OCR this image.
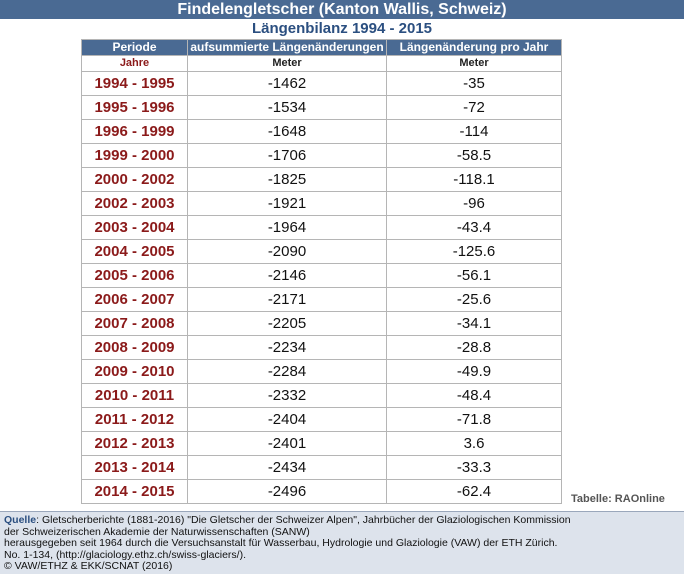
Findelengletscher (Kanton Wallis, Schweiz)
Längenbilanz 1994 - 2015
Periode	aufsummierte Längenänderungen	Längenänderung pro Jahr
Jahre	Meter	Meter
1994 - 1995	-1462	-35
1995 - 1996	-1534	-72
1996 - 1999	-1648	-114
1999 - 2000	-1706	-58.5
2000 - 2002	-1825	-118.1
2002 - 2003	-1921	-96
2003 - 2004	-1964	-43.4
2004 - 2005	-2090	-125.6
2005 - 2006	-2146	-56.1
2006 - 2007	-2171	-25.6
2007 - 2008	-2205	-34.1
2008 - 2009	-2234	-28.8
2009 - 2010	-2284	-49.9
2010 - 2011	-2332	-48.4
2011 - 2012	-2404	-71.8
2012 - 2013	-2401	3.6
2013 - 2014	-2434	-33.3
2014 - 2015	-2496	-62.4	Tabelle: RAOnline
Quelle: Gletscherberichte (1881-2016) "Die Gletscher der Schweizer Alpen", Jahrbücher der Glaziologischen Kommission
der Schweizerischen Akademie der Naturwissenschaften (SANW)
herausgegeben seit 1964 durch die Versuchsanstalt für Wasserbau, Hydrologie und Glaziologie (VAW) der ETH Zürich.
No. 1-134, (http://glaciology.ethz.ch/swiss-glaciers/).
© VAW/ETHZ & EKK/SCNAT (2016)
